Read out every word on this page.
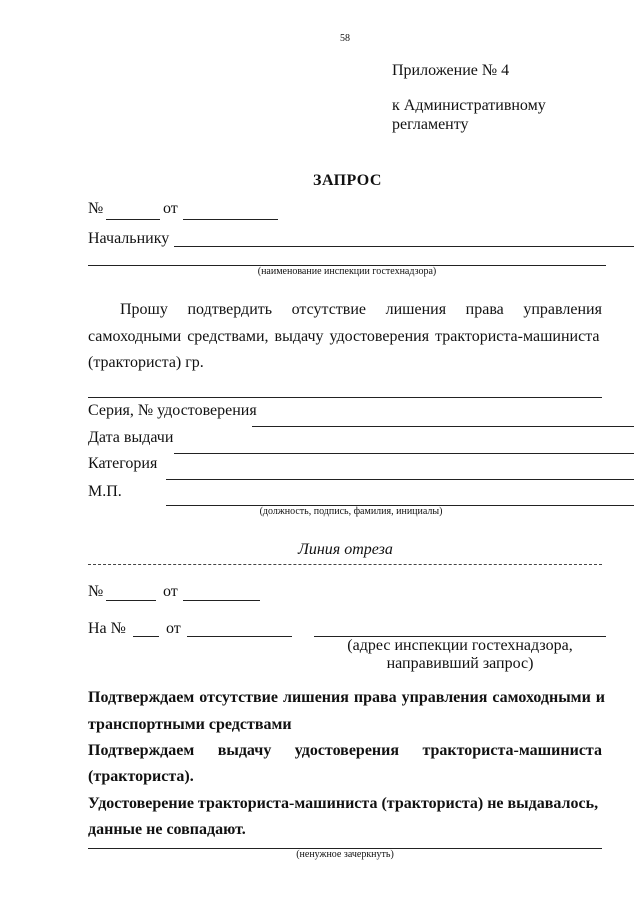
58
Приложение № 4
к Административному
регламенту
ЗАПРОС
№	от
Начальнику
(наименование инспекции гостехнадзора)
Прошу подтвердить отсутствие лишения права управления
самоходными средствами, выдачу удостоверения тракториста-машиниста
(тракториста) гр.
Серия, № удостоверения
Дата выдачи
Категория
М.П.
(должность, подпись, фамилия, инициалы)
Линия отреза
№	от
На №	от
(адрес инспекции гостехнадзора,
направивший запрос)
Подтверждаем отсутствие лишения права управления самоходными и
транспортными средствами
Подтверждаем выдачу удостоверения тракториста-машиниста
(тракториста).
Удостоверение тракториста-машиниста (тракториста) не выдавалось,
данные не совпадают.
(ненужное зачеркнуть)
